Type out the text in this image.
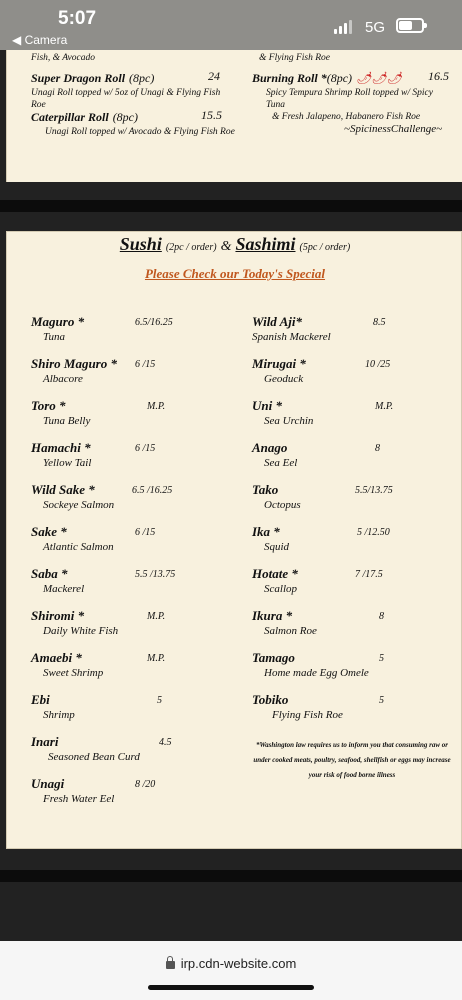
5:07
◀ Camera
5G
Fish, & Avocado	& Flying Fish Roe
Super Dragon Roll (8pc)	24
Unagi Roll topped w/ 5oz of Unagi & Flying Fish Roe
Caterpillar Roll (8pc)	15.5
Unagi Roll topped w/ Avocado & Flying Fish Roe
Burning Roll *(8pc) 🌶🌶🌶 16.5
Spicy Tempura Shrimp Roll topped w/ Spicy Tuna
& Fresh Jalapeno, Habanero Fish Roe
~SpicinessChallenge~
Sushi (2pc / order) & Sashimi (5pc / order)
Please Check our Today's Special
Maguro *
Tuna
6.5/16.25
Shiro Maguro *
Albacore
6 /15
Toro *
Tuna Belly
M.P.
Hamachi *
Yellow Tail
6 /15
Wild Sake *
Sockeye Salmon
6.5 /16.25
Sake *
Atlantic Salmon
6 /15
Saba *
Mackerel
5.5 /13.75
Shiromi *
Daily White Fish
M.P.
Amaebi *
Sweet Shrimp
M.P.
Ebi
Shrimp
5
Inari
Seasoned Bean Curd
4.5
Unagi
Fresh Water Eel
8 /20
Wild Aji*
Spanish Mackerel
8.5
Mirugai *
Geoduck
10 /25
Uni *
Sea Urchin
M.P.
Anago
Sea Eel
8
Tako
Octopus
5.5/13.75
Ika *
Squid
5 /12.50
Hotate *
Scallop
7 /17.5
Ikura *
Salmon Roe
8
Tamago
Home made Egg Omele
5
Tobiko
Flying Fish Roe
5
*Washington law requires us to inform you that consuming raw or under cooked meats, poultry, seafood, shellfish or eggs may increase your risk of food borne illness
irp.cdn-website.com
